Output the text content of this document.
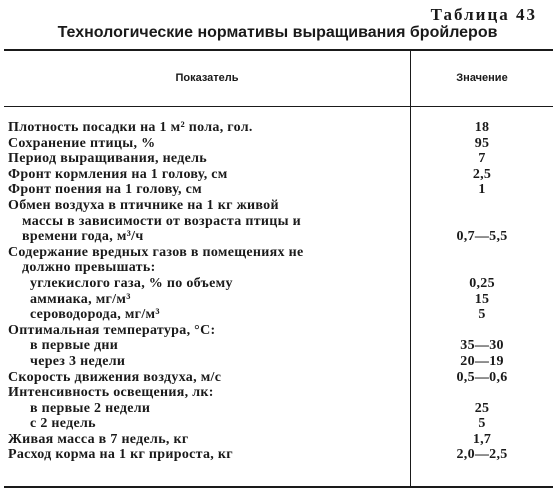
Таблица 43
Технологические нормативы выращивания бройлеров
Показатель	Значение
Плотность посадки на 1 м² пола, гол.	18
Сохранение птицы, %	95
Период выращивания, недель	7
Фронт кормления на 1 голову, см	2,5
Фронт поения на 1 голову, см	1
Обмен воздуха в птичнике на 1 кг живой
массы в зависимости от возраста птицы и
времени года, м³/ч	0,7—5,5
Содержание вредных газов в помещениях не
должно превышать:
углекислого газа, % по объему	0,25
аммиака, мг/м³	15
сероводорода, мг/м³	5
Оптимальная температура, °С:
в первые дни	35—30
через 3 недели	20—19
Скорость движения воздуха, м/с	0,5—0,6
Интенсивность освещения, лк:
в первые 2 недели	25
с 2 недель	5
Живая масса в 7 недель, кг	1,7
Расход корма на 1 кг прироста, кг	2,0—2,5
